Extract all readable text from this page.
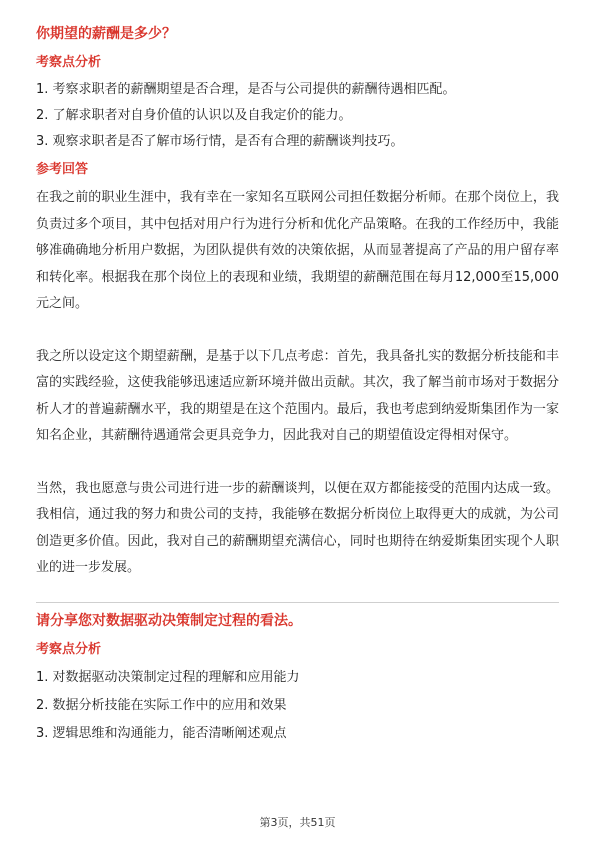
你期望的薪酬是多少？
考察点分析
1. 考察求职者的薪酬期望是否合理，是否与公司提供的薪酬待遇相匹配。
2. 了解求职者对自身价值的认识以及自我定价的能力。
3. 观察求职者是否了解市场行情，是否有合理的薪酬谈判技巧。
参考回答

在我之前的职业生涯中，我有幸在一家知名互联网公司担任数据分析师。在那个岗位上，我负责过多个项目，其中包括对用户行为进行分析和优化产品策略。在我的工作经历中，我能够准确确地分析用户数据，为团队提供有效的决策依据，从而显著提高了产品的用户留存率和转化率。根据我在那个岗位上的表现和业绩，我期望的薪酬范围在每月12,000至15,000元之间。

我之所以设定这个期望薪酬，是基于以下几点考虑：首先，我具备扎实的数据分析技能和丰富的实践经验，这使我能够迅速适应新环境并做出贡献。其次，我了解当前市场对于数据分析人才的普遍薪酬水平，我的期望是在这个范围内。最后，我也考虑到纳爱斯集团作为一家知名企业，其薪酬待遇通常会更具竞争力，因此我对自己的期望值设定得相对保守。

当然，我也愿意与贵公司进行进一步的薪酬谈判，以便在双方都能接受的范围内达成一致。我相信，通过我的努力和贵公司的支持，我能够在数据分析岗位上取得更大的成就，为公司创造更多价值。因此，我对自己的薪酬期望充满信心，同时也期待在纳爱斯集团实现个人职业的进一步发展。

请分享您对数据驱动决策制定过程的看法。
考察点分析
1. 对数据驱动决策制定过程的理解和应用能力
2. 数据分析技能在实际工作中的应用和效果
3. 逻辑思维和沟通能力，能否清晰阐述观点
第3页，共51页
